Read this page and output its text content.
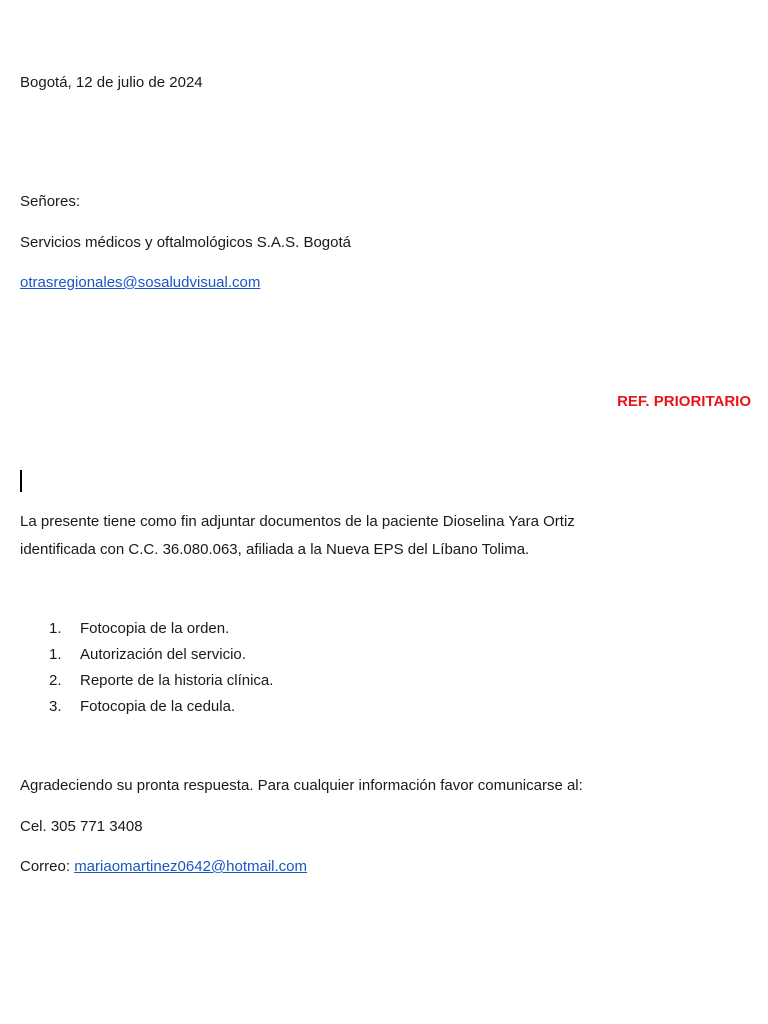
Bogotá, 12 de julio de 2024
Señores:
Servicios médicos y oftalmológicos S.A.S. Bogotá
otrasregionales@sosaludvisual.com
REF. PRIORITARIO
La presente tiene como fin adjuntar documentos de la paciente Dioselina Yara Ortiz
identificada con C.C. 36.080.063, afiliada a la Nueva EPS del Líbano Tolima.
1.	Fotocopia de la orden.
1.	Autorización del servicio.
2.	Reporte de la historia clínica.
3.	Fotocopia de la cedula.
Agradeciendo su pronta respuesta. Para cualquier información favor comunicarse al:
Cel. 305 771 3408
Correo: mariaomartinez0642@hotmail.com
